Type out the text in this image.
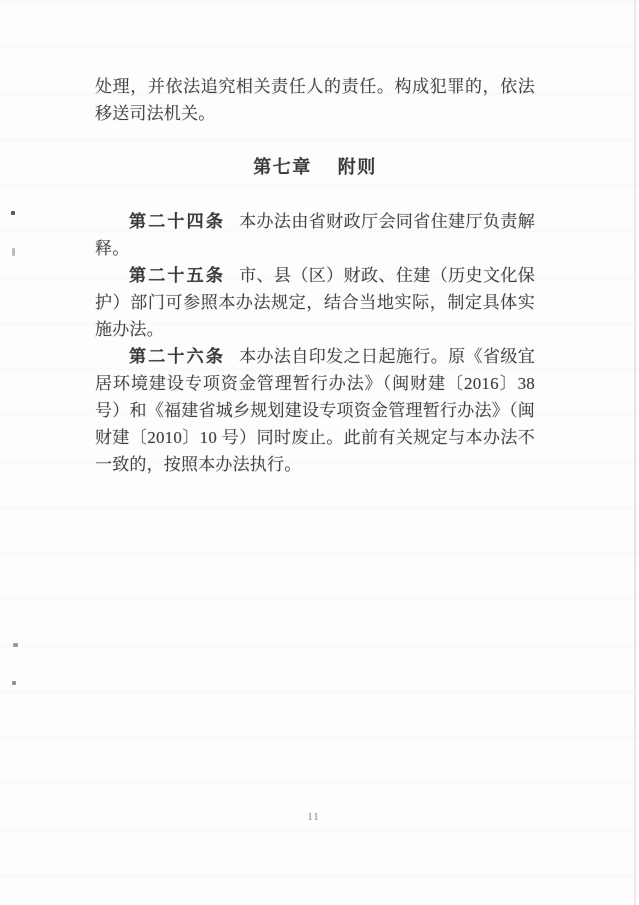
处理，并依法追究相关责任人的责任。构成犯罪的，依法移送司法机关。

第七章 附则

第二十四条 本办法由省财政厅会同省住建厅负责解释。

第二十五条 市、县（区）财政、住建（历史文化保护）部门可参照本办法规定，结合当地实际，制定具体实施办法。

第二十六条 本办法自印发之日起施行。原《省级宜居环境建设专项资金管理暂行办法》（闽财建〔2016〕38 号）和《福建省城乡规划建设专项资金管理暂行办法》（闽财建〔2010〕10 号）同时废止。此前有关规定与本办法不一致的，按照本办法执行。

11
